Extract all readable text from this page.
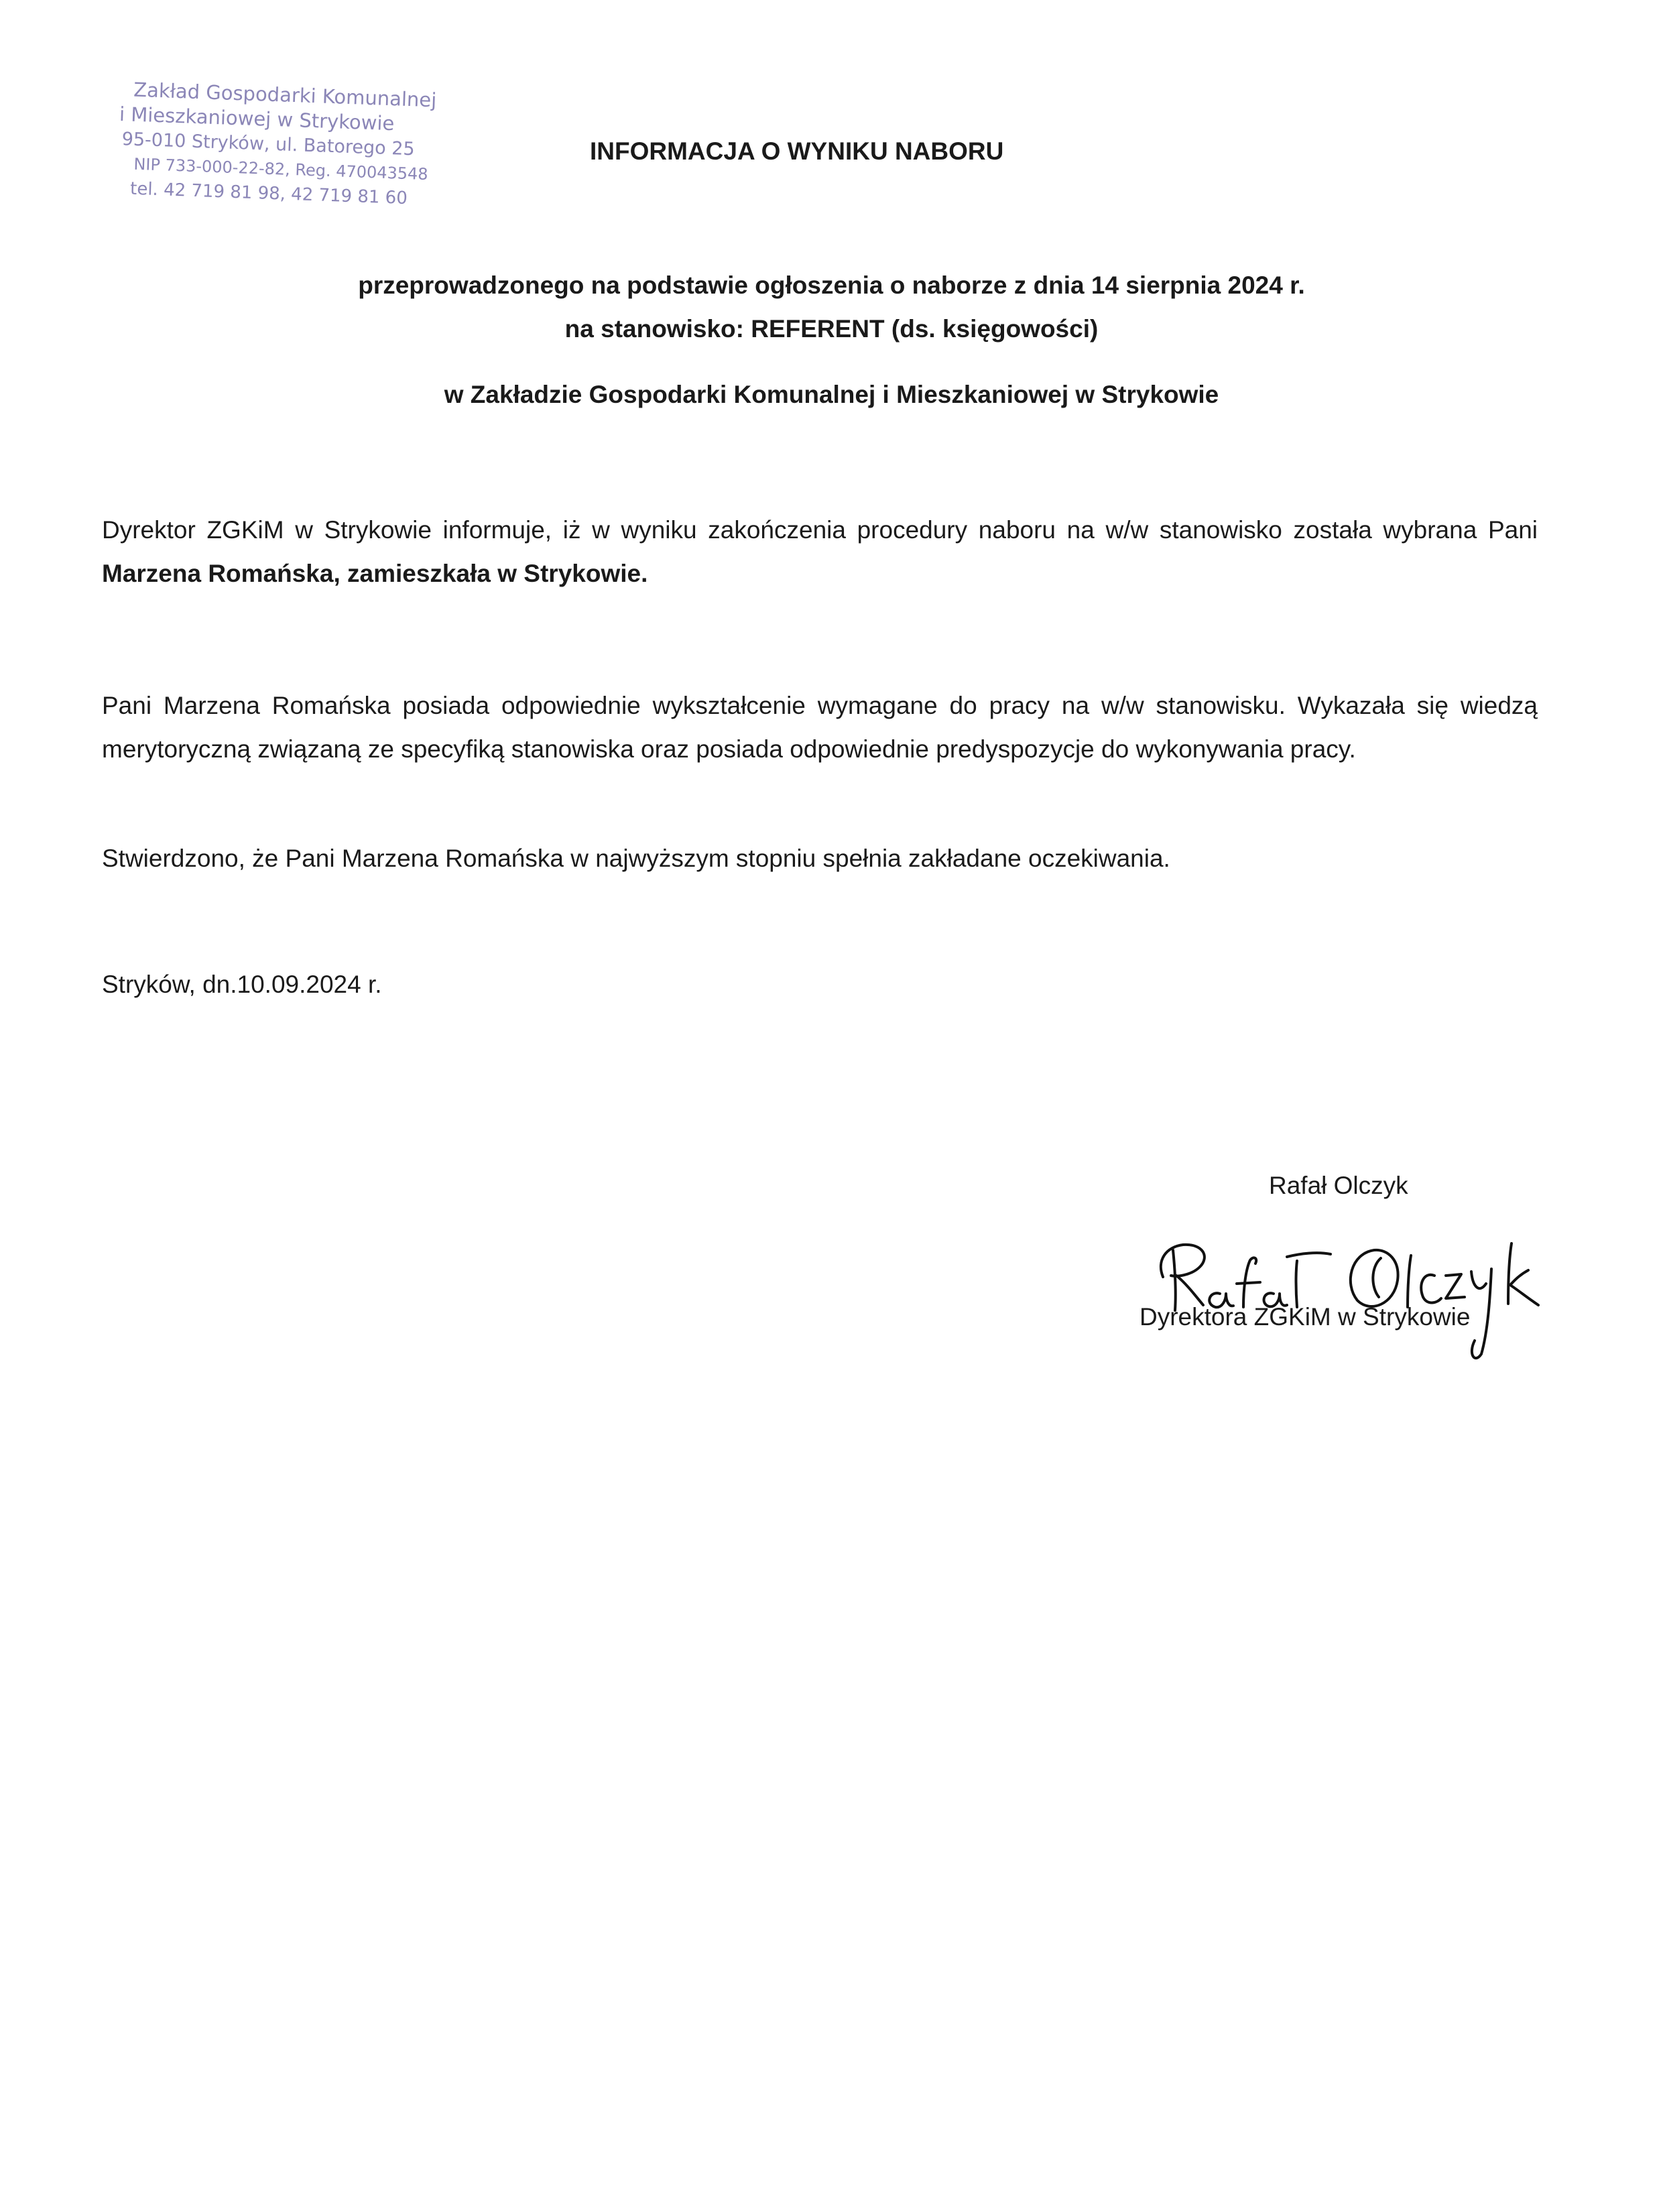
Zakład Gospodarki Komunalnej
i Mieszkaniowej w Strykowie
95-010 Stryków, ul. Batorego 25
NIP 733-000-22-82, Reg. 470043548
tel. 42 719 81 98, 42 719 81 60
INFORMACJA O WYNIKU NABORU
przeprowadzonego na podstawie ogłoszenia o naborze z dnia 14 sierpnia 2024 r.
na stanowisko: REFERENT (ds. księgowości)
w Zakładzie Gospodarki Komunalnej i Mieszkaniowej w Strykowie
Dyrektor ZGKiM w Strykowie informuje, iż w wyniku zakończenia procedury naboru na w/w stanowisko została wybrana Pani Marzena Romańska, zamieszkała w Strykowie.
Pani Marzena Romańska posiada odpowiednie wykształcenie wymagane do pracy na w/w stanowisku. Wykazała się wiedzą merytoryczną związaną ze specyfiką stanowiska oraz posiada odpowiednie predyspozycje do wykonywania pracy.
Stwierdzono, że Pani Marzena Romańska w najwyższym stopniu spełnia zakładane oczekiwania.
Stryków, dn.10.09.2024 r.
Rafał Olczyk
Dyrektora ZGKiM w Strykowie
